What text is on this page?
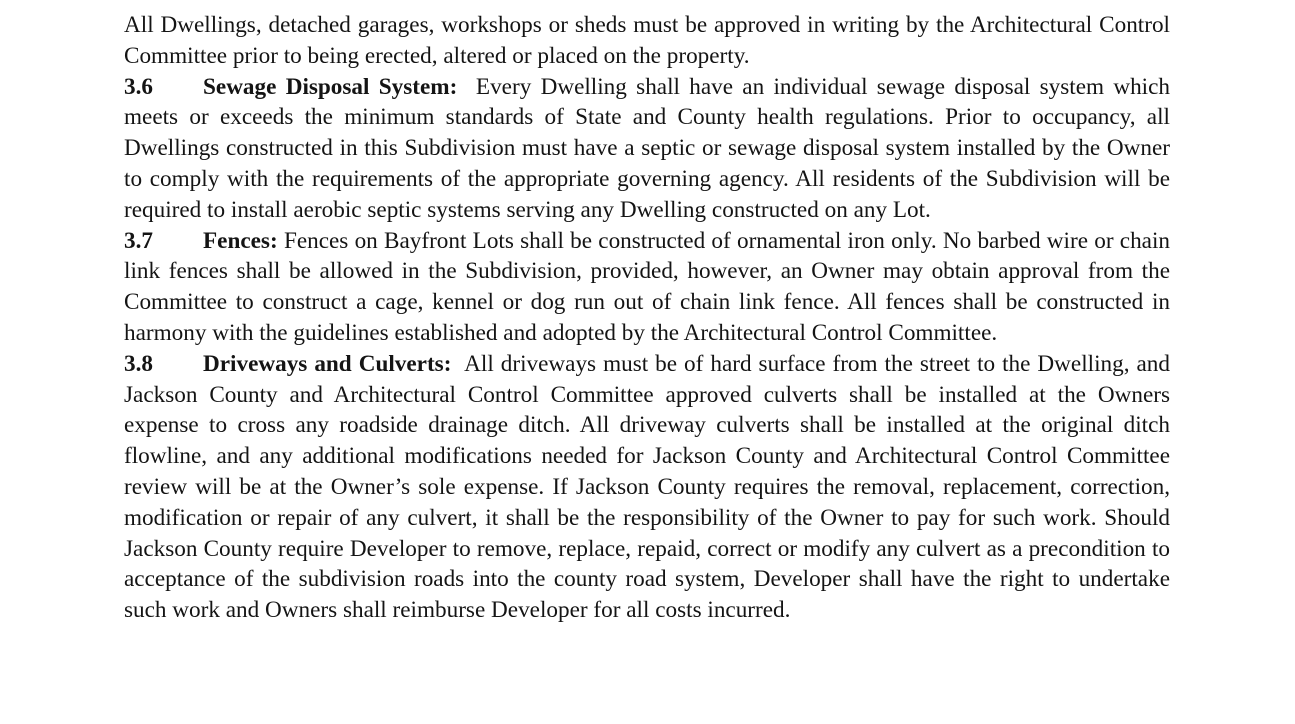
All Dwellings, detached garages, workshops or sheds must be approved in writing by the Architectural Control Committee prior to being erected, altered or placed on the property.

3.6 Sewage Disposal System: Every Dwelling shall have an individual sewage disposal system which meets or exceeds the minimum standards of State and County health regulations. Prior to occupancy, all Dwellings constructed in this Subdivision must have a septic or sewage disposal system installed by the Owner to comply with the requirements of the appropriate governing agency. All residents of the Subdivision will be required to install aerobic septic systems serving any Dwelling constructed on any Lot.

3.7 Fences: Fences on Bayfront Lots shall be constructed of ornamental iron only. No barbed wire or chain link fences shall be allowed in the Subdivision, provided, however, an Owner may obtain approval from the Committee to construct a cage, kennel or dog run out of chain link fence. All fences shall be constructed in harmony with the guidelines established and adopted by the Architectural Control Committee.

3.8 Driveways and Culverts: All driveways must be of hard surface from the street to the Dwelling, and Jackson County and Architectural Control Committee approved culverts shall be installed at the Owners expense to cross any roadside drainage ditch. All driveway culverts shall be installed at the original ditch flowline, and any additional modifications needed for Jackson County and Architectural Control Committee review will be at the Owner’s sole expense. If Jackson County requires the removal, replacement, correction, modification or repair of any culvert, it shall be the responsibility of the Owner to pay for such work. Should Jackson County require Developer to remove, replace, repaid, correct or modify any culvert as a precondition to acceptance of the subdivision roads into the county road system, Developer shall have the right to undertake such work and Owners shall reimburse Developer for all costs incurred.
